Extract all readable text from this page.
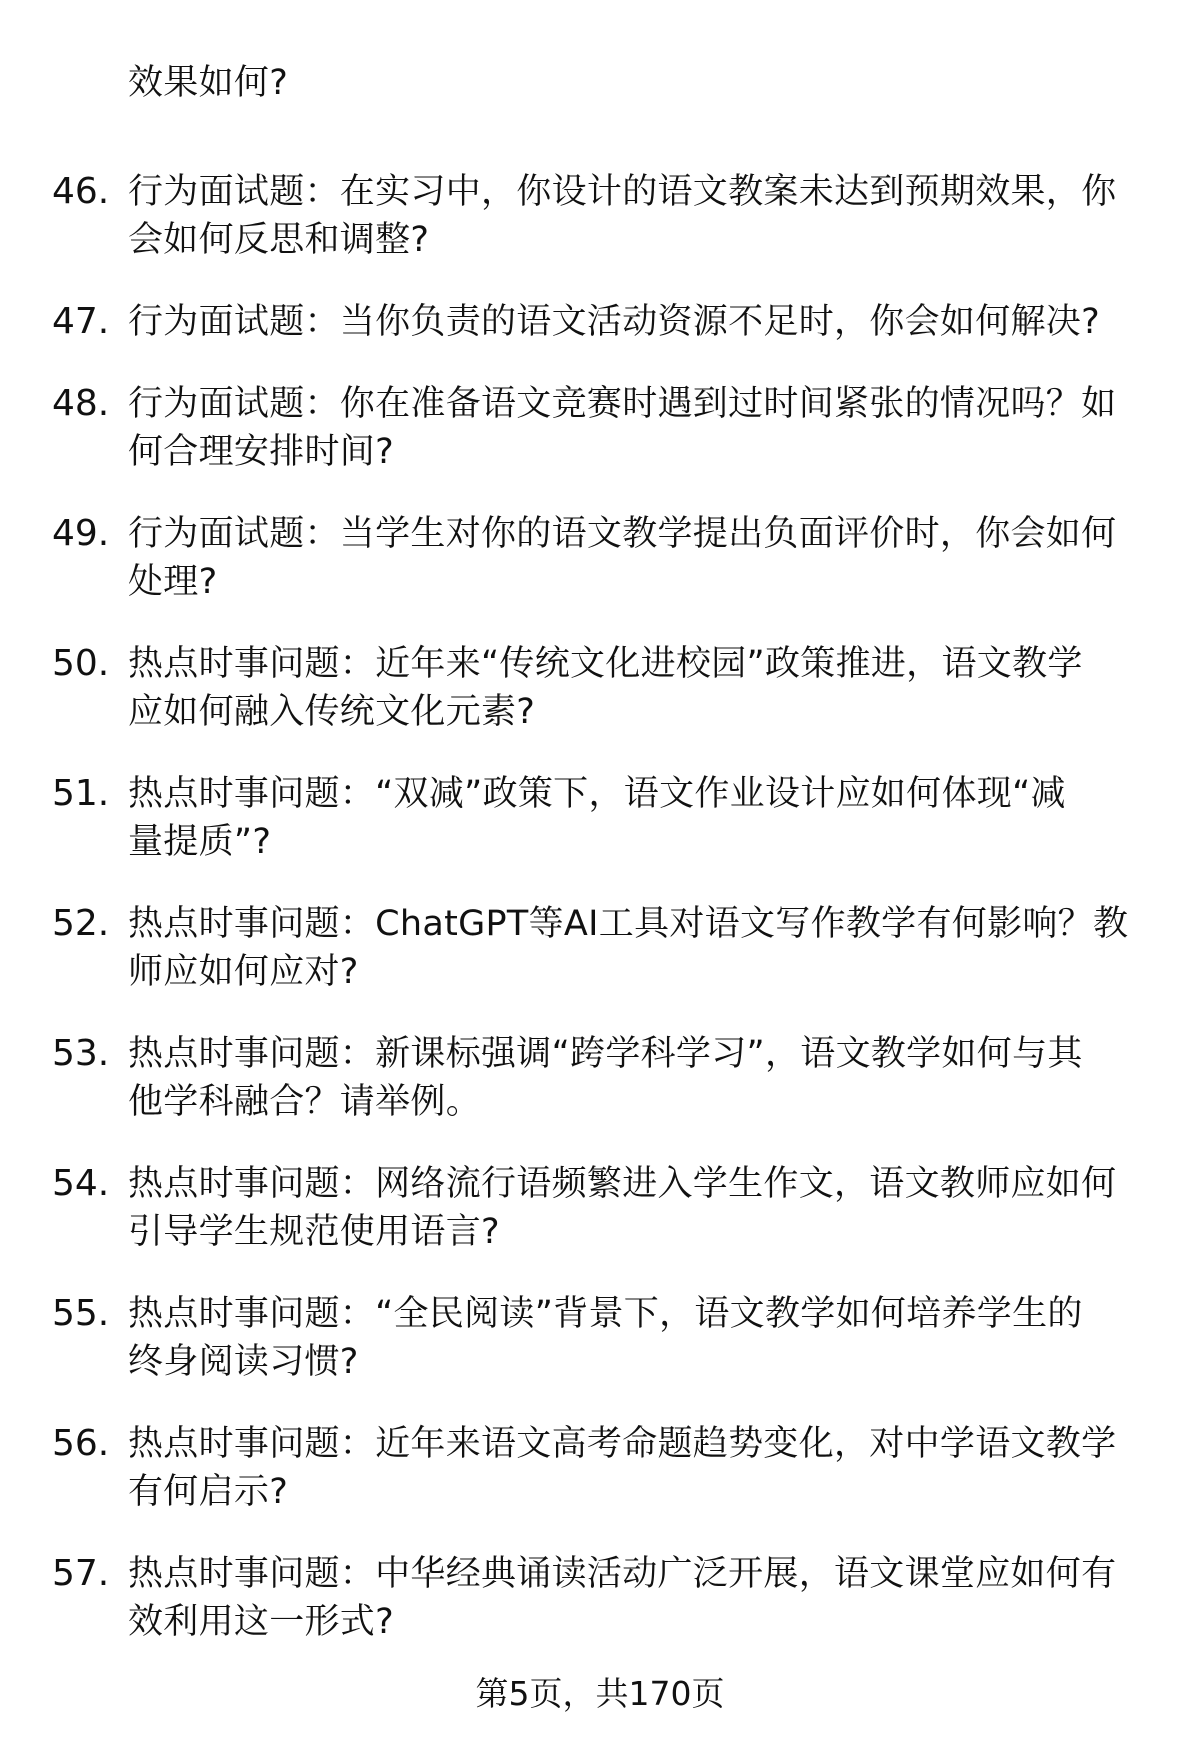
效果如何?
46. 行为面试题：在实习中，你设计的语文教案未达到预期效果，你
会如何反思和调整?
47. 行为面试题：当你负责的语文活动资源不足时，你会如何解决?
48. 行为面试题：你在准备语文竞赛时遇到过时间紧张的情况吗？如
何合理安排时间?
49. 行为面试题：当学生对你的语文教学提出负面评价时，你会如何
处理?
50. 热点时事问题：近年来“传统文化进校园”政策推进，语文教学
应如何融入传统文化元素?
51. 热点时事问题：“双减”政策下，语文作业设计应如何体现“减
量提质”?
52. 热点时事问题：ChatGPT等AI工具对语文写作教学有何影响？教
师应如何应对?
53. 热点时事问题：新课标强调“跨学科学习”，语文教学如何与其
他学科融合？请举例。
54. 热点时事问题：网络流行语频繁进入学生作文，语文教师应如何
引导学生规范使用语言?
55. 热点时事问题：“全民阅读”背景下，语文教学如何培养学生的
终身阅读习惯?
56. 热点时事问题：近年来语文高考命题趋势变化，对中学语文教学
有何启示?
57. 热点时事问题：中华经典诵读活动广泛开展，语文课堂应如何有
效利用这一形式?
第5页，共170页
